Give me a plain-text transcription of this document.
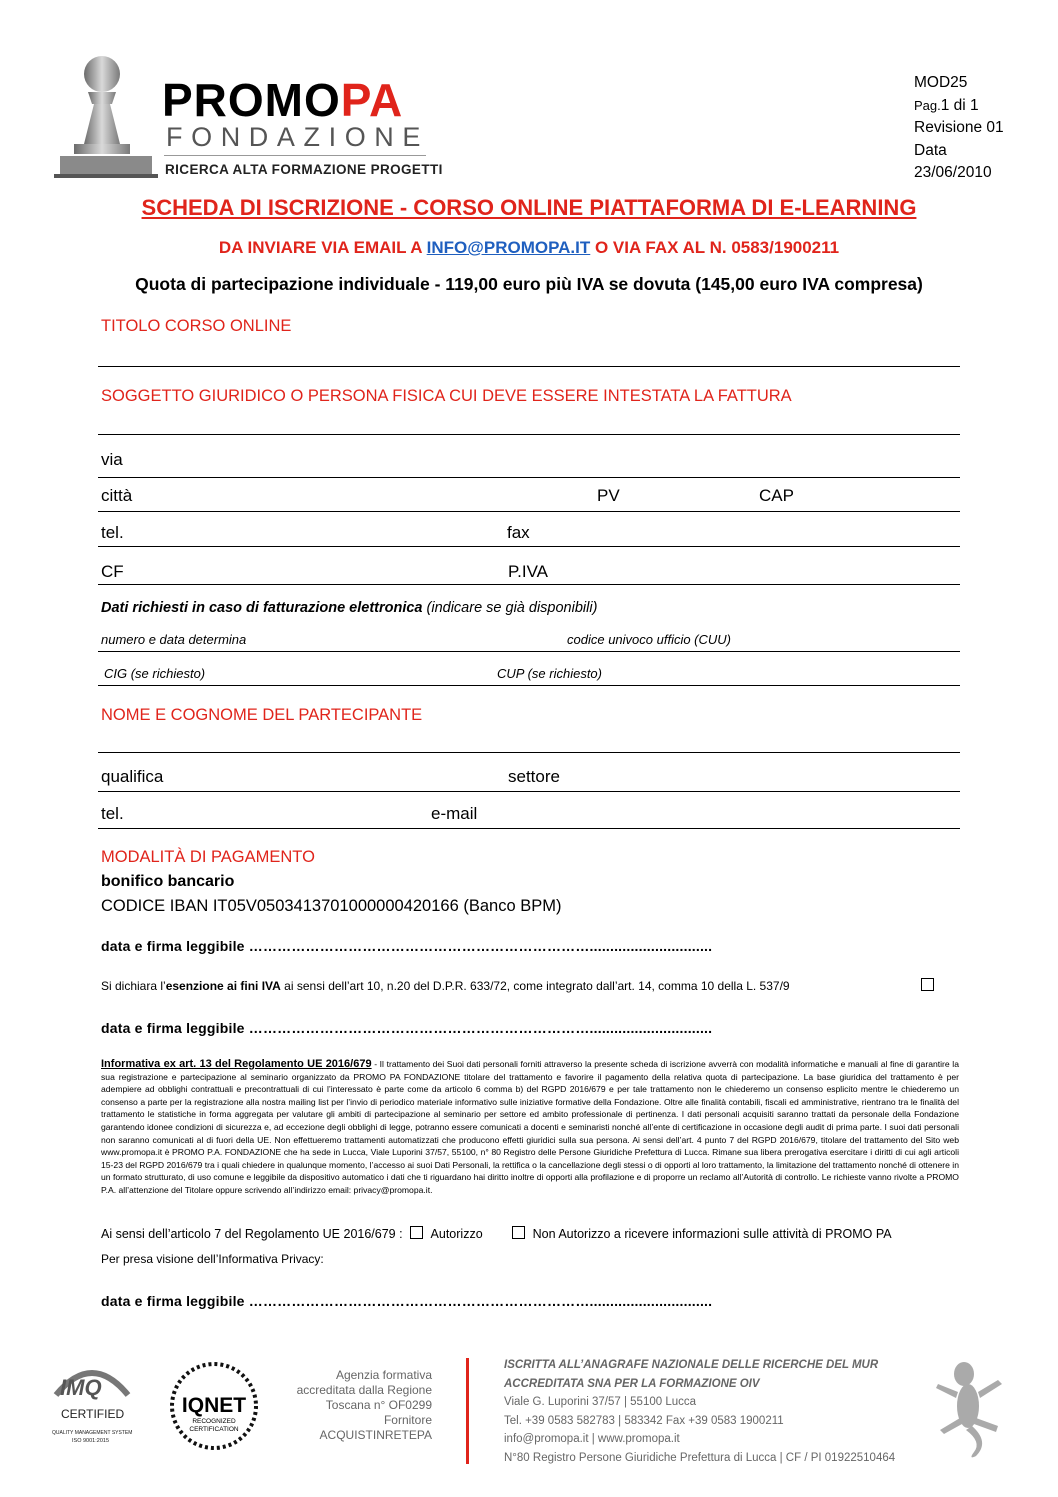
PROMOPA
FONDAZIONE
RICERCA ALTA FORMAZIONE PROGETTI
MOD25
Pag.1 di 1
Revisione 01
Data
23/06/2010
SCHEDA DI ISCRIZIONE - CORSO ONLINE PIATTAFORMA DI E-LEARNING
DA INVIARE VIA EMAIL A INFO@PROMOPA.IT O VIA FAX AL N. 0583/1900211
Quota di partecipazione individuale - 119,00 euro più IVA se dovuta (145,00 euro IVA compresa)
TITOLO CORSO ONLINE
SOGGETTO GIURIDICO O PERSONA FISICA CUI DEVE ESSERE INTESTATA LA FATTURA
via
città	PV	CAP
tel.	fax
CF	P.IVA
Dati richiesti in caso di fatturazione elettronica (indicare se già disponibili)
numero e data determina	codice univoco ufficio (CUU)
CIG (se richiesto)	CUP (se richiesto)
NOME E COGNOME DEL PARTECIPANTE
qualifica	settore
tel.	e-mail
MODALITÀ DI PAGAMENTO
bonifico bancario
CODICE IBAN IT05V0503413701000000420166 (Banco BPM)
data e firma leggibile ………………………………………………………………..............................
Si dichiara l’esenzione ai fini IVA ai sensi dell’art 10, n.20 del D.P.R. 633/72, come integrato dall’art. 14, comma 10 della L. 537/9
data e firma leggibile ………………………………………………………………..............................
Informativa ex art. 13 del Regolamento UE 2016/679 - Il trattamento dei Suoi dati personali forniti attraverso la presente scheda di iscrizione avverrà con modalità informatiche e manuali al fine di garantire la sua registrazione e partecipazione al seminario organizzato da PROMO PA FONDAZIONE titolare del trattamento e favorire il pagamento della relativa quota di partecipazione. La base giuridica del trattamento è per adempiere ad obblighi contrattuali e precontrattuali di cui l’interessato è parte come da articolo 6 comma b) del RGPD 2016/679 e per tale trattamento non le chiederemo un consenso esplicito mentre le chiederemo un consenso a parte per la registrazione alla nostra mailing list per l’invio di periodico materiale informativo sulle iniziative formative della Fondazione. Oltre alle finalità contabili, fiscali ed amministrative, rientrano tra le finalità del trattamento le statistiche in forma aggregata per valutare gli ambiti di partecipazione al seminario per settore ed ambito professionale di pertinenza. I dati personali acquisiti saranno trattati da personale della Fondazione garantendo idonee condizioni di sicurezza e, ad eccezione degli obblighi di legge, potranno essere comunicati a docenti e seminaristi nonché all’ente di certificazione in occasione degli audit di prima parte. I suoi dati personali non saranno comunicati al di fuori della UE. Non effettueremo trattamenti automatizzati che producono effetti giuridici sulla sua persona. Ai sensi dell’art. 4 punto 7 del RGPD 2016/679, titolare del trattamento del Sito web www.promopa.it è PROMO P.A. FONDAZIONE che ha sede in Lucca, Viale Luporini 37/57, 55100, n° 80 Registro delle Persone Giuridiche Prefettura di Lucca. Rimane sua libera prerogativa esercitare i diritti di cui agli articoli 15-23 del RGPD 2016/679 tra i quali chiedere in qualunque momento, l’accesso ai suoi Dati Personali, la rettifica o la cancellazione degli stessi o di opporti al loro trattamento, la limitazione del trattamento nonché di ottenere in un formato strutturato, di uso comune e leggibile da dispositivo automatico i dati che ti riguardano hai diritto inoltre di opporti alla profilazione e di proporre un reclamo all’Autorità di controllo. Le richieste vanno rivolte a PROMO P.A. all’attenzione del Titolare oppure scrivendo all’indirizzo email: privacy@promopa.it.
Ai sensi dell’articolo 7 del Regolamento UE 2016/679 : Autorizzo	Non Autorizzo a ricevere informazioni sulle attività di PROMO PA
Per presa visione dell’Informativa Privacy:
data e firma leggibile ………………………………………………………………..............................
IMQ
CERTIFIED
QUALITY MANAGEMENT SYSTEM
ISO 9001:2015
IQNET
RECOGNIZED
CERTIFICATION
Agenzia formativa
accreditata dalla Regione
Toscana n° OF0299
Fornitore
ACQUISTINRETEPA
ISCRITTA ALL’ANAGRAFE NAZIONALE DELLE RICERCHE DEL MUR
ACCREDITATA SNA PER LA FORMAZIONE OIV
Viale G. Luporini 37/57 | 55100 Lucca
Tel. +39 0583 582783 | 583342 Fax +39 0583 1900211
info@promopa.it | www.promopa.it
N°80 Registro Persone Giuridiche Prefettura di Lucca | CF / PI 01922510464
